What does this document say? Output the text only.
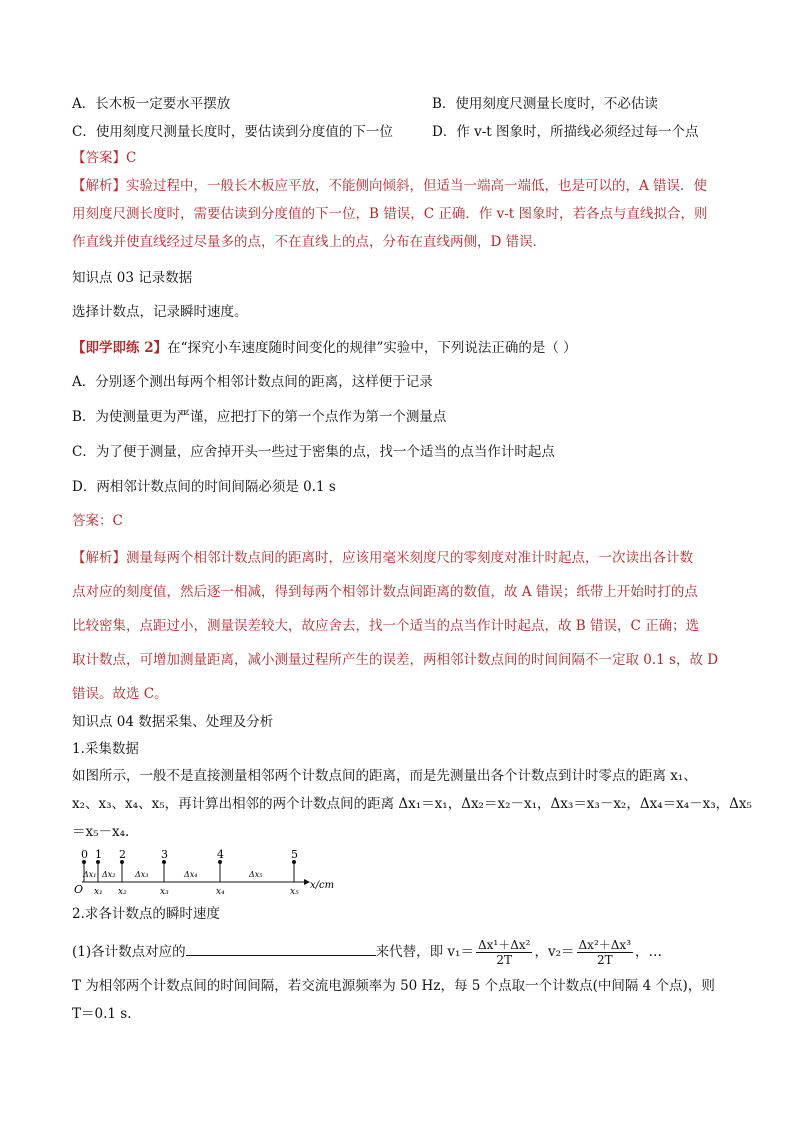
A．长木板一定要水平摆放	B．使用刻度尺测量长度时，不必估读
C．使用刻度尺测量长度时，要估读到分度值的下一位	D．作 v-t 图象时，所描线必须经过每一个点
【答案】C
【解析】实验过程中，一般长木板应平放，不能侧向倾斜，但适当一端高一端低，也是可以的，A 错误．使
用刻度尺测长度时，需要估读到分度值的下一位，B 错误，C 正确．作 v-t 图象时，若各点与直线拟合，则
作直线并使直线经过尽量多的点，不在直线上的点，分布在直线两侧，D 错误．
知识点 03 记录数据
选择计数点，记录瞬时速度。
【即学即练 2】在“探究小车速度随时间变化的规律”实验中，下列说法正确的是（ ）
A．分别逐个测出每两个相邻计数点间的距离，这样便于记录
B．为使测量更为严谨，应把打下的第一个点作为第一个测量点
C．为了便于测量，应舍掉开头一些过于密集的点，找一个适当的点当作计时起点
D．两相邻计数点间的时间间隔必须是 0.1 s
答案：C
【解析】测量每两个相邻计数点间的距离时，应该用毫米刻度尺的零刻度对准计时起点，一次读出各计数
点对应的刻度值，然后逐一相减，得到每两个相邻计数点间距离的数值，故 A 错误；纸带上开始时打的点
比较密集，点距过小，测量误差较大，故应舍去，找一个适当的点当作计时起点，故 B 错误，C 正确；选
取计数点，可增加测量距离，减小测量过程所产生的误差，两相邻计数点间的时间间隔不一定取 0.1 s，故 D
错误。故选 C。
知识点 04 数据采集、处理及分析
1.采集数据
如图所示，一般不是直接测量相邻两个计数点间的距离，而是先测量出各个计数点到计时零点的距离 x₁、
x₂、x₃、x₄、x₅，再计算出相邻的两个计数点间的距离 Δx₁＝x₁，Δx₂＝x₂－x₁，Δx₃＝x₃－x₂，Δx₄＝x₄－x₃，Δx₅
＝x₅－x₄.
0 1
x₁
Δx₁
2
x₂
Δx₂
3
x₃
Δx₃
4
x₄
Δx₄
5
x₅
Δx₅
O	x/cm
2.求各计数点的瞬时速度
(1)各计数点对应的	来代替，即 $v_1= \frac{\text{Δx¹＋Δx²}}{2T}$ ，$v_2= \frac{\text{Δx²＋Δx³}}{2T}$ ，…
T 为相邻两个计数点间的时间间隔，若交流电源频率为 50 Hz，每 5 个点取一个计数点(中间隔 4 个点)，则
T＝0.1 s.
